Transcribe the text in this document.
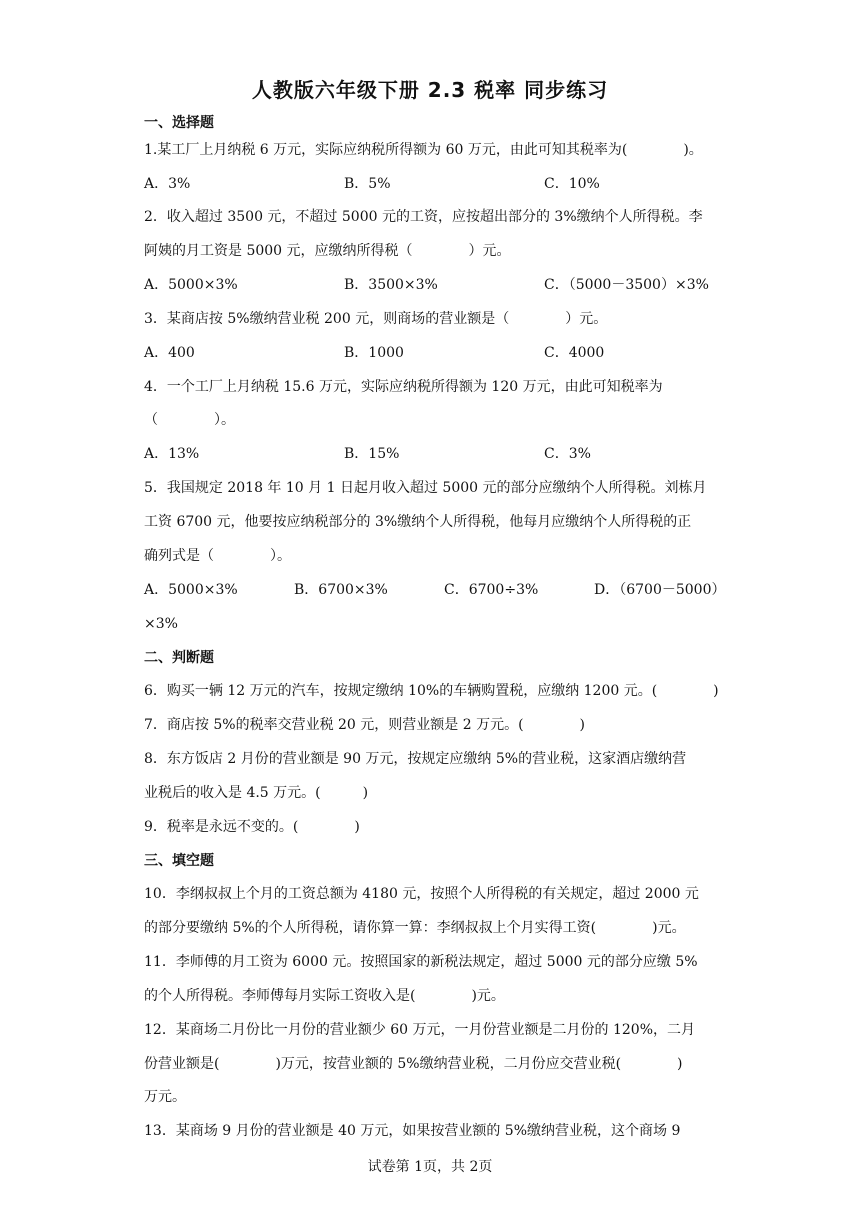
人教版六年级下册 2.3 税率 同步练习
一、选择题
1.某工厂上月纳税 6 万元，实际应纳税所得额为 60 万元，由此可知其税率为(　　　　)。
A．3%	B．5%	C．10%
2．收入超过 3500 元，不超过 5000 元的工资，应按超出部分的 3%缴纳个人所得税。李
阿姨的月工资是 5000 元，应缴纳所得税（　　　　）元。
A．5000×3%	B．3500×3%	C．（5000－3500）×3%
3．某商店按 5%缴纳营业税 200 元，则商场的营业额是（　　　　）元。
A．400	B．1000	C．4000
4．一个工厂上月纳税 15.6 万元，实际应纳税所得额为 120 万元，由此可知税率为
（　　　　）。
A．13%	B．15%	C．3%
5．我国规定 2018 年 10 月 1 日起月收入超过 5000 元的部分应缴纳个人所得税。刘栋月
工资 6700 元，他要按应纳税部分的 3%缴纳个人所得税，他每月应缴纳个人所得税的正
确列式是（　　　　）。
A．5000×3%	B．6700×3%	C．6700÷3%	D．（6700－5000）
×3%
二、判断题
6．购买一辆 12 万元的汽车，按规定缴纳 10%的车辆购置税，应缴纳 1200 元。(　　　　)
7．商店按 5%的税率交营业税 20 元，则营业额是 2 万元。(　　　　)
8．东方饭店 2 月份的营业额是 90 万元，按规定应缴纳 5%的营业税，这家酒店缴纳营
业税后的收入是 4.5 万元。(　　　)
9．税率是永远不变的。(　　　　)
三、填空题
10．李纲叔叔上个月的工资总额为 4180 元，按照个人所得税的有关规定，超过 2000 元
的部分要缴纳 5%的个人所得税，请你算一算：李纲叔叔上个月实得工资(　　　　)元。
11．李师傅的月工资为 6000 元。按照国家的新税法规定，超过 5000 元的部分应缴 5%
的个人所得税。李师傅每月实际工资收入是(　　　　)元。
12．某商场二月份比一月份的营业额少 60 万元，一月份营业额是二月份的 120%，二月
份营业额是(　　　　)万元，按营业额的 5%缴纳营业税，二月份应交营业税(　　　　)
万元。
13．某商场 9 月份的营业额是 40 万元，如果按营业额的 5%缴纳营业税，这个商场 9
试卷第 1页，共 2页
